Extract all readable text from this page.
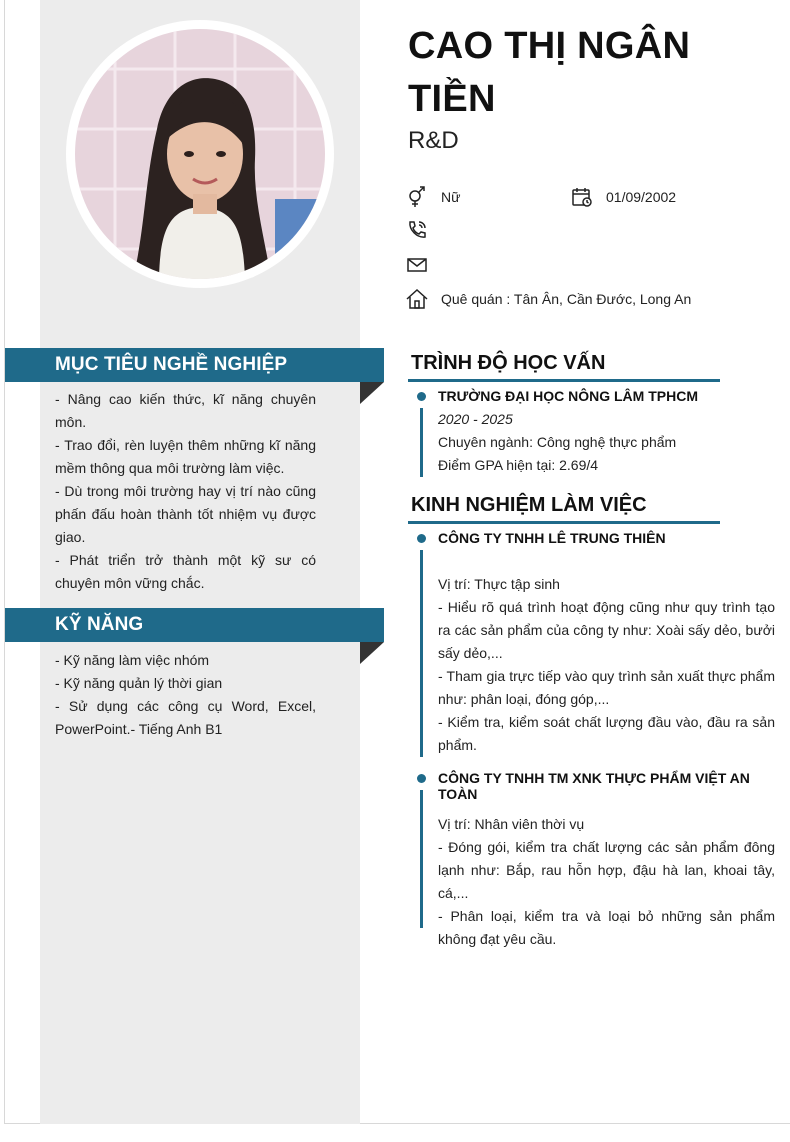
CAO THỊ NGÂN TIỀN
R&D
Nữ	01/09/2002
Quê quán : Tân Ân, Cần Đước, Long An
MỤC TIÊU NGHỀ NGHIỆP

- Nâng cao kiến thức, kĩ năng chuyên môn.

- Trao đổi, rèn luyện thêm những kĩ năng mềm thông qua môi trường làm việc.

- Dù trong môi trường hay vị trí nào cũng phấn đấu hoàn thành tốt nhiệm vụ được giao.

- Phát triển trở thành một kỹ sư có chuyên môn vững chắc.

KỸ NĂNG

- Kỹ năng làm việc nhóm

- Kỹ năng quản lý thời gian

- Sử dụng các công cụ Word, Excel, PowerPoint.- Tiếng Anh B1

TRÌNH ĐỘ HỌC VẤN
TRƯỜNG ĐẠI HỌC NÔNG LÂM TPHCM

2020 - 2025

Chuyên ngành: Công nghệ thực phẩm

Điểm GPA hiện tại: 2.69/4

KINH NGHIỆM LÀM VIỆC
CÔNG TY TNHH LÊ TRUNG THIÊN

Vị trí: Thực tập sinh

- Hiểu rõ quá trình hoạt động cũng như quy trình tạo ra các sản phẩm của công ty như: Xoài sấy dẻo, bưởi sấy dẻo,...

- Tham gia trực tiếp vào quy trình sản xuất thực phẩm như: phân loại, đóng góp,...

- Kiểm tra, kiểm soát chất lượng đầu vào, đầu ra sản phẩm.

CÔNG TY TNHH TM XNK THỰC PHẨM VIỆT AN TOÀN

Vị trí: Nhân viên thời vụ

- Đóng gói, kiểm tra chất lượng các sản phẩm đông lạnh như: Bắp, rau hỗn hợp, đậu hà lan, khoai tây, cá,...

- Phân loại, kiểm tra và loại bỏ những sản phẩm không đạt yêu cầu.
